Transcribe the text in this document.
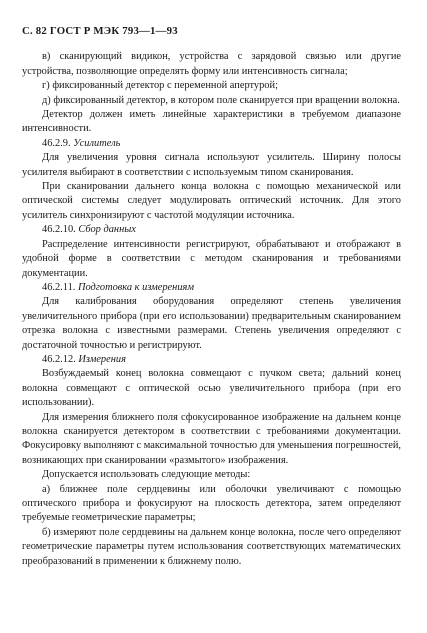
С. 82 ГОСТ Р МЭК 793—1—93

в) сканирующий видикон, устройства с зарядовой связью или другие устройства, позволяющие определять форму или интенсивность сигнала;

г) фиксированный детектор с переменной апертурой;

д) фиксированный детектор, в котором поле сканируется при вращении волокна.

Детектор должен иметь линейные характеристики в требуемом диапазоне интенсивности.

46.2.9. Усилитель

Для увеличения уровня сигнала используют усилитель. Ширину полосы усилителя выбирают в соответствии с используемым типом сканирования.

При сканировании дальнего конца волокна с помощью механической или оптической системы следует модулировать оптический источник. Для этого усилитель синхронизируют с частотой модуляции источника.

46.2.10. Сбор данных

Распределение интенсивности регистрируют, обрабатывают и отображают в удобной форме в соответствии с методом сканирования и требованиями документации.

46.2.11. Подготовка к измерениям

Для калибрования оборудования определяют степень увеличения увеличительного прибора (при его использовании) предварительным сканированием отрезка волокна с известными размерами. Степень увеличения определяют с достаточной точностью и регистрируют.

46.2.12. Измерения

Возбуждаемый конец волокна совмещают с пучком света; дальний конец волокна совмещают с оптической осью увеличительного прибора (при его использовании).

Для измерения ближнего поля сфокусированное изображение на дальнем конце волокна сканируется детектором в соответствии с требованиями документации. Фокусировку выполняют с максимальной точностью для уменьшения погрешностей, возникающих при сканировании «размытого» изображения.

Допускается использовать следующие методы:

а) ближнее поле сердцевины или оболочки увеличивают с помощью оптического прибора и фокусируют на плоскость детектора, затем определяют требуемые геометрические параметры;

б) измеряют поле сердцевины на дальнем конце волокна, после чего определяют геометрические параметры путем использования соответствующих математических преобразований в применении к ближнему полю.
